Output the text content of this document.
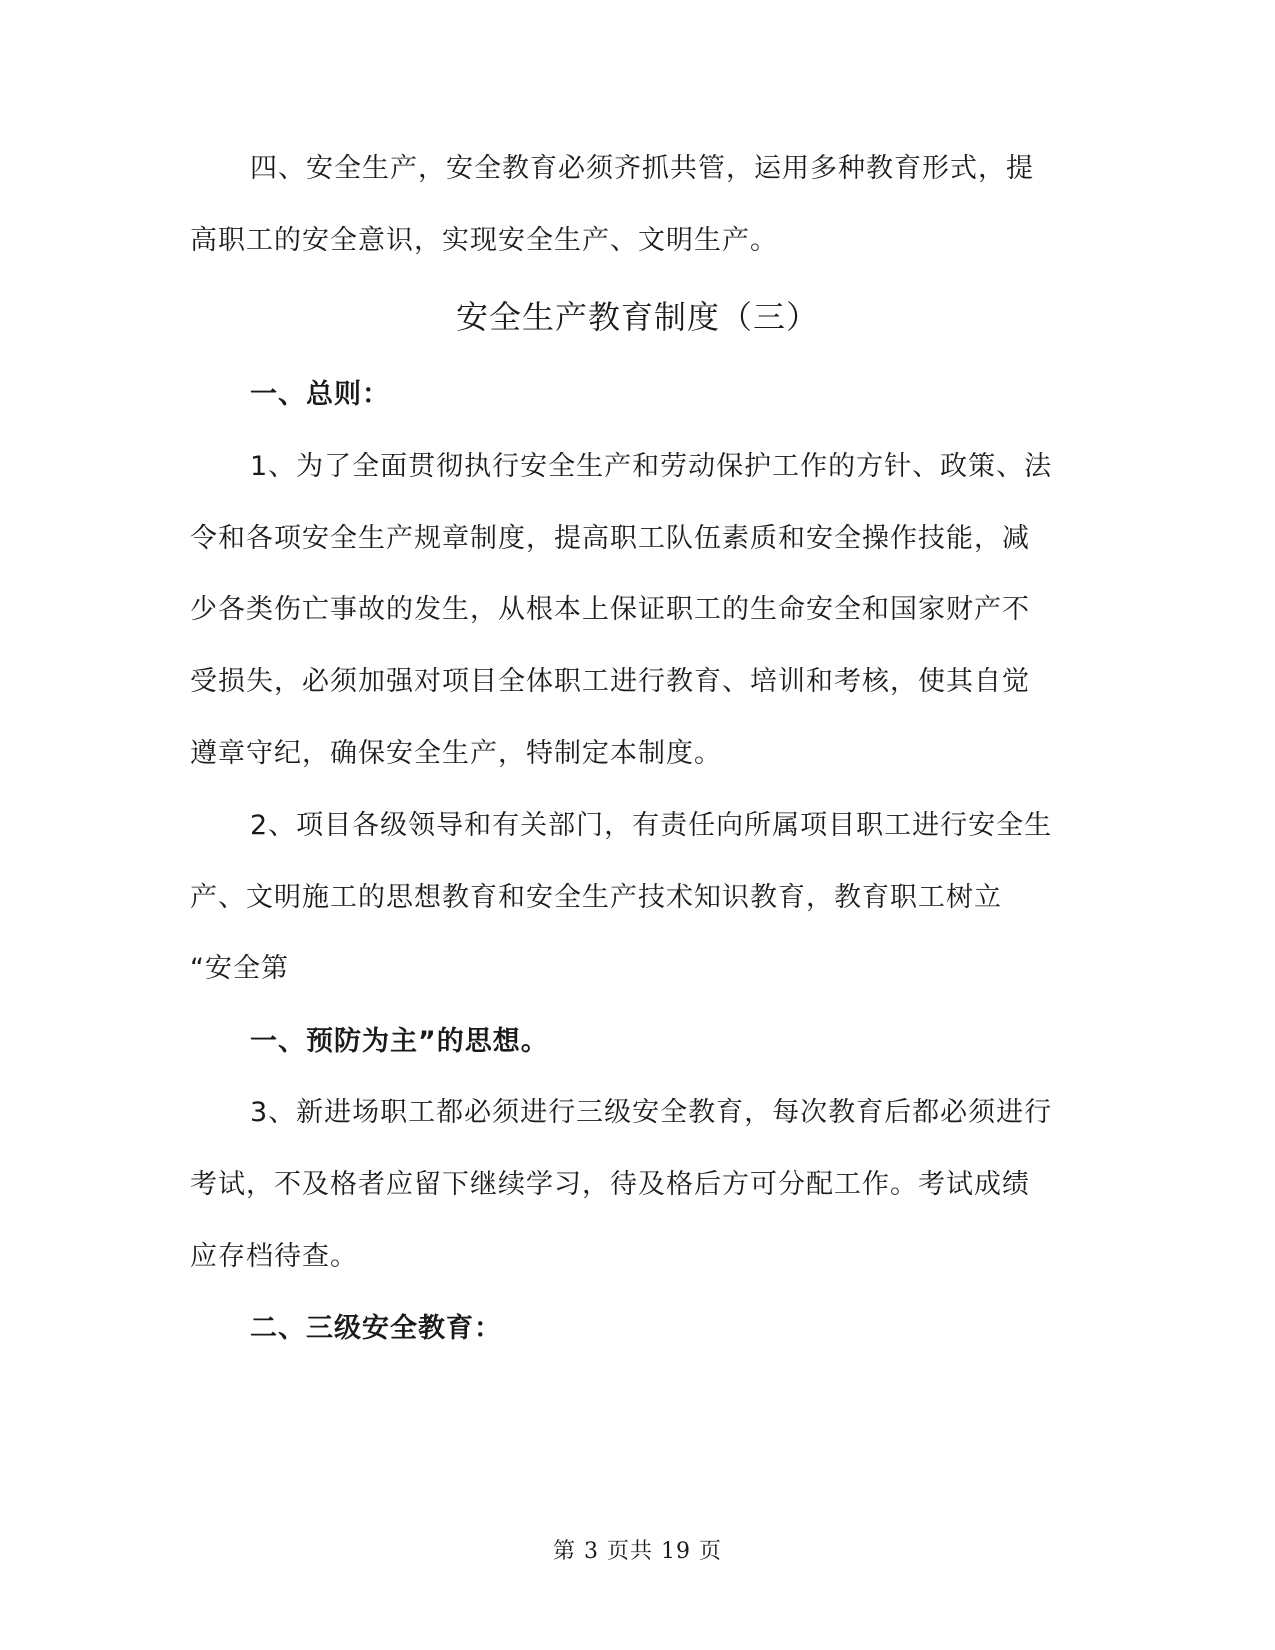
四、安全生产，安全教育必须齐抓共管，运用多种教育形式，提
高职工的安全意识，实现安全生产、文明生产。
安全生产教育制度（三）
一、总则：
1、为了全面贯彻执行安全生产和劳动保护工作的方针、政策、法
令和各项安全生产规章制度，提高职工队伍素质和安全操作技能，减
少各类伤亡事故的发生，从根本上保证职工的生命安全和国家财产不
受损失，必须加强对项目全体职工进行教育、培训和考核，使其自觉
遵章守纪，确保安全生产，特制定本制度。
2、项目各级领导和有关部门，有责任向所属项目职工进行安全生
产、文明施工的思想教育和安全生产技术知识教育，教育职工树立
“安全第
一、预防为主”的思想。
3、新进场职工都必须进行三级安全教育，每次教育后都必须进行
考试，不及格者应留下继续学习，待及格后方可分配工作。考试成绩
应存档待查。
二、三级安全教育：
第 3 页共 19 页
